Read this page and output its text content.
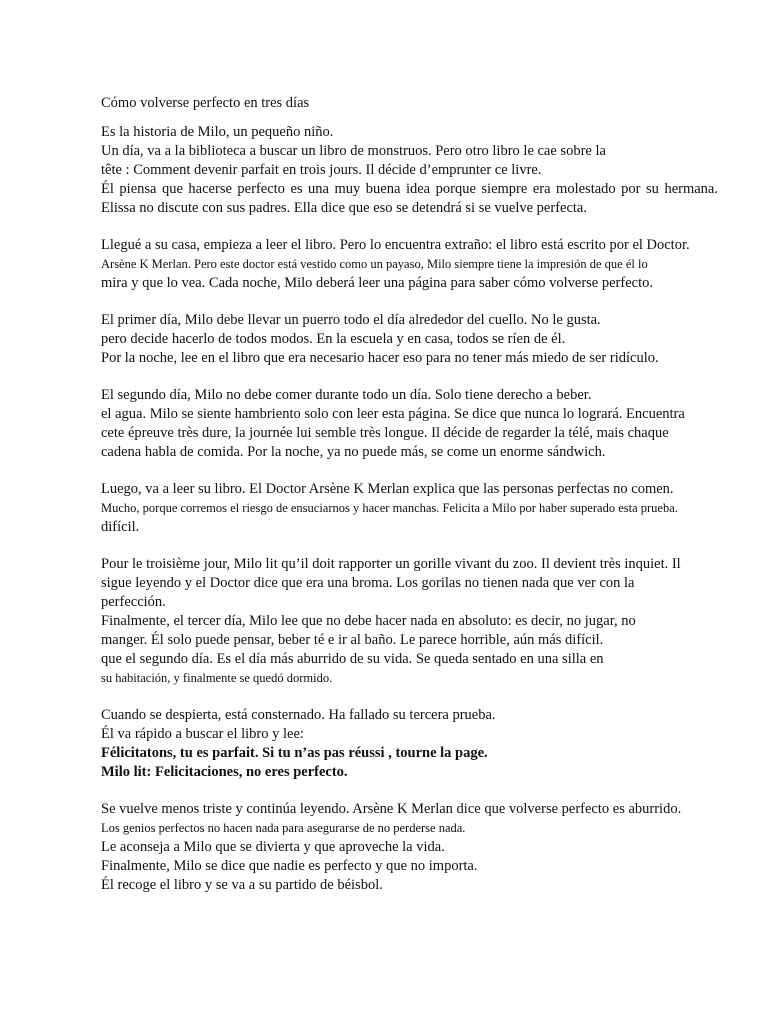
Cómo volverse perfecto en tres días
Es la historia de Milo, un pequeño niño.
Un día, va a la biblioteca a buscar un libro de monstruos. Pero otro libro le cae sobre la
tête : Comment devenir parfait en trois jours. Il décide d’emprunter ce livre.
Él piensa que hacerse perfecto es una muy buena idea porque siempre era molestado por su hermana.
Elissa no discute con sus padres. Ella dice que eso se detendrá si se vuelve perfecta.
Llegué a su casa, empieza a leer el libro. Pero lo encuentra extraño: el libro está escrito por el Doctor.
Arsène K Merlan. Pero este doctor está vestido como un payaso, Milo siempre tiene la impresión de que él lo
mira y que lo vea. Cada noche, Milo deberá leer una página para saber cómo volverse perfecto.
El primer día, Milo debe llevar un puerro todo el día alrededor del cuello. No le gusta.
pero decide hacerlo de todos modos. En la escuela y en casa, todos se ríen de él.
Por la noche, lee en el libro que era necesario hacer eso para no tener más miedo de ser ridículo.
El segundo día, Milo no debe comer durante todo un día. Solo tiene derecho a beber.
el agua. Milo se siente hambriento solo con leer esta página. Se dice que nunca lo logrará. Encuentra
cete épreuve très dure, la journée lui semble très longue. Il décide de regarder la télé, mais chaque
cadena habla de comida. Por la noche, ya no puede más, se come un enorme sándwich.
Luego, va a leer su libro. El Doctor Arsène K Merlan explica que las personas perfectas no comen.
Mucho, porque corremos el riesgo de ensuciarnos y hacer manchas. Felicita a Milo por haber superado esta prueba.
difícil.
Pour le troisième jour, Milo lit qu’il doit rapporter un gorille vivant du zoo. Il devient très inquiet. Il
sigue leyendo y el Doctor dice que era una broma. Los gorilas no tienen nada que ver con la
perfección.
Finalmente, el tercer día, Milo lee que no debe hacer nada en absoluto: es decir, no jugar, no
manger. Él solo puede pensar, beber té e ir al baño. Le parece horrible, aún más difícil.
que el segundo día. Es el día más aburrido de su vida. Se queda sentado en una silla en
su habitación, y finalmente se quedó dormido.
Cuando se despierta, está consternado. Ha fallado su tercera prueba.
Él va rápido a buscar el libro y lee:
Félicitatons, tu es parfait. Si tu n’as pas réussi , tourne la page.
Milo lit: Felicitaciones, no eres perfecto.
Se vuelve menos triste y continúa leyendo. Arsène K Merlan dice que volverse perfecto es aburrido.
Los genios perfectos no hacen nada para asegurarse de no perderse nada.
Le aconseja a Milo que se divierta y que aproveche la vida.
Finalmente, Milo se dice que nadie es perfecto y que no importa.
Él recoge el libro y se va a su partido de béisbol.
